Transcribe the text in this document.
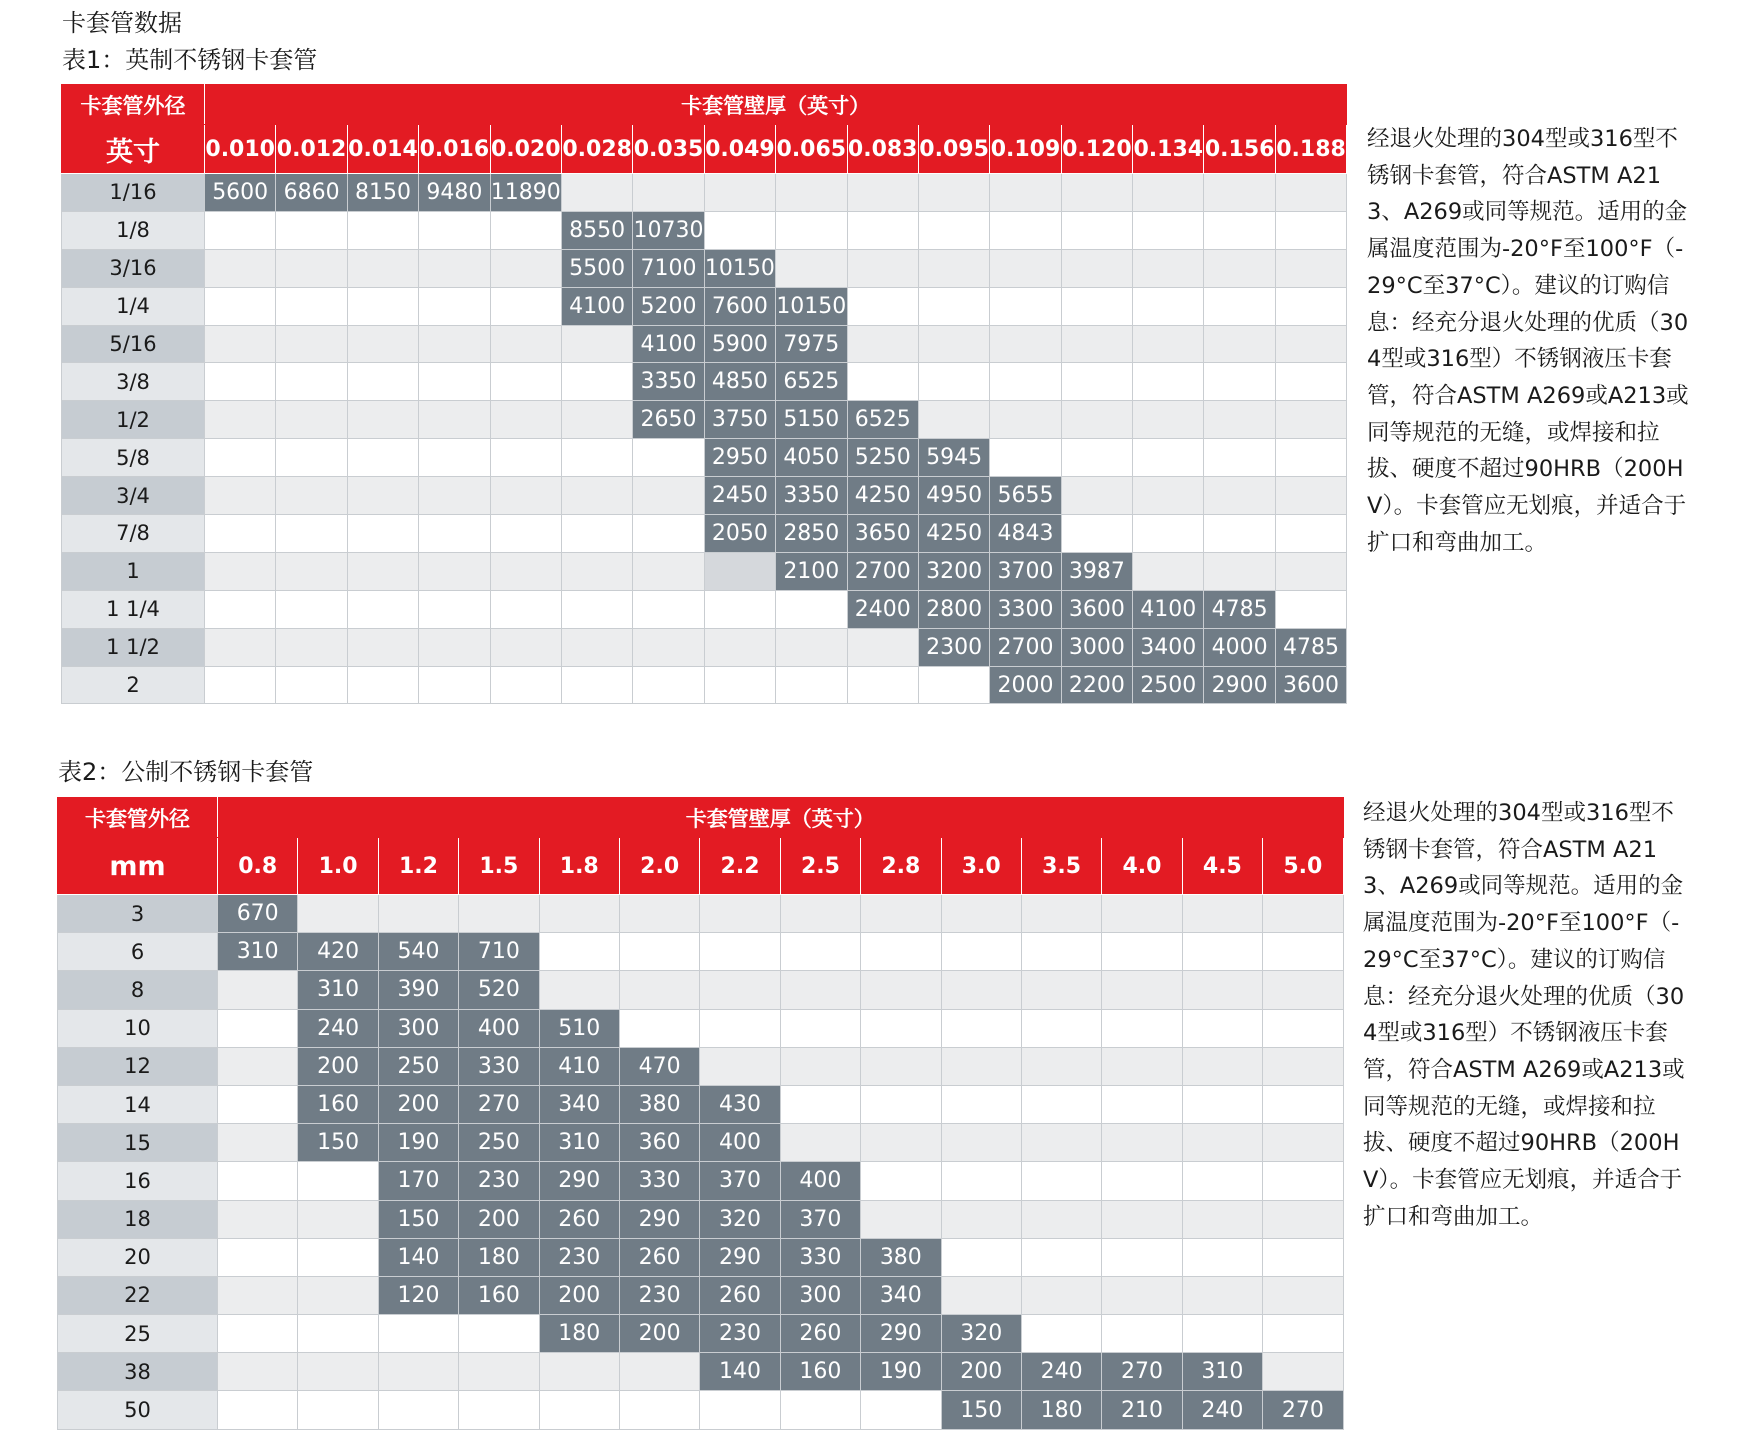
卡套管数据
表1：英制不锈钢卡套管
卡套管外径	卡套管壁厚（英寸）															
英寸	0.010	0.012	0.014	0.016	0.020	0.028	0.035	0.049	0.065	0.083	0.095	0.109	0.120	0.134	0.156	0.188
1/16	5600	6860	8150	9480	11890											
1/8						8550	10730									
3/16						5500	7100	10150								
1/4						4100	5200	7600	10150							
5/16							4100	5900	7975							
3/8							3350	4850	6525							
1/2							2650	3750	5150	6525						
5/8								2950	4050	5250	5945					
3/4								2450	3350	4250	4950	5655				
7/8								2050	2850	3650	4250	4843				
1									2100	2700	3200	3700	3987			
1 1/4										2400	2800	3300	3600	4100	4785	
1 1/2											2300	2700	3000	3400	4000	4785
2												2000	2200	2500	2900	3600
经退火处理的304型或316型不锈钢卡套管，符合ASTM A213、A269或同等规范。适用的金属温度范围为-20°F至100°F（-29°C至37°C）。建议的订购信息：经充分退火处理的优质（304型或316型）不锈钢液压卡套管，符合ASTM A269或A213或同等规范的无缝，或焊接和拉拔、硬度不超过90HRB（200HV）。卡套管应无划痕，并适合于扩口和弯曲加工。
表2：公制不锈钢卡套管
卡套管外径	卡套管壁厚（英寸）													
mm	0.8	1.0	1.2	1.5	1.8	2.0	2.2	2.5	2.8	3.0	3.5	4.0	4.5	5.0
3	670													
6	310	420	540	710										
8		310	390	520										
10		240	300	400	510									
12		200	250	330	410	470								
14		160	200	270	340	380	430							
15		150	190	250	310	360	400							
16			170	230	290	330	370	400						
18			150	200	260	290	320	370						
20			140	180	230	260	290	330	380					
22			120	160	200	230	260	300	340					
25					180	200	230	260	290	320				
38							140	160	190	200	240	270	310	
50										150	180	210	240	270
经退火处理的304型或316型不锈钢卡套管，符合ASTM A213、A269或同等规范。适用的金属温度范围为-20°F至100°F（-29°C至37°C）。建议的订购信息：经充分退火处理的优质（304型或316型）不锈钢液压卡套管，符合ASTM A269或A213或同等规范的无缝，或焊接和拉拔、硬度不超过90HRB（200HV）。卡套管应无划痕，并适合于扩口和弯曲加工。
